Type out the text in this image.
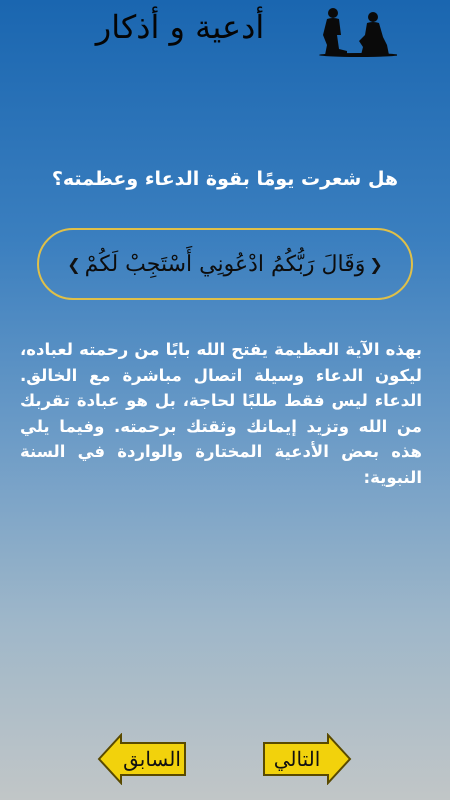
أدعية و أذكار
هل شعرت يومًا بقوة الدعاء وعظمته؟
❮ وَقَالَ رَبُّكُمُ ادْعُونِي أَسْتَجِبْ لَكُمْ ❯
بهذه الآية العظيمة يفتح الله بابًا من رحمته لعباده، ليكون الدعاء وسيلة اتصال مباشرة مع الخالق. الدعاء ليس فقط طلبًا لحاجة، بل هو عبادة تقربك من الله وتزيد إيمانك وثقتك برحمته. وفيما يلي هذه بعض الأدعية المختارة والواردة في السنة النبوية:
السابق	التالي
